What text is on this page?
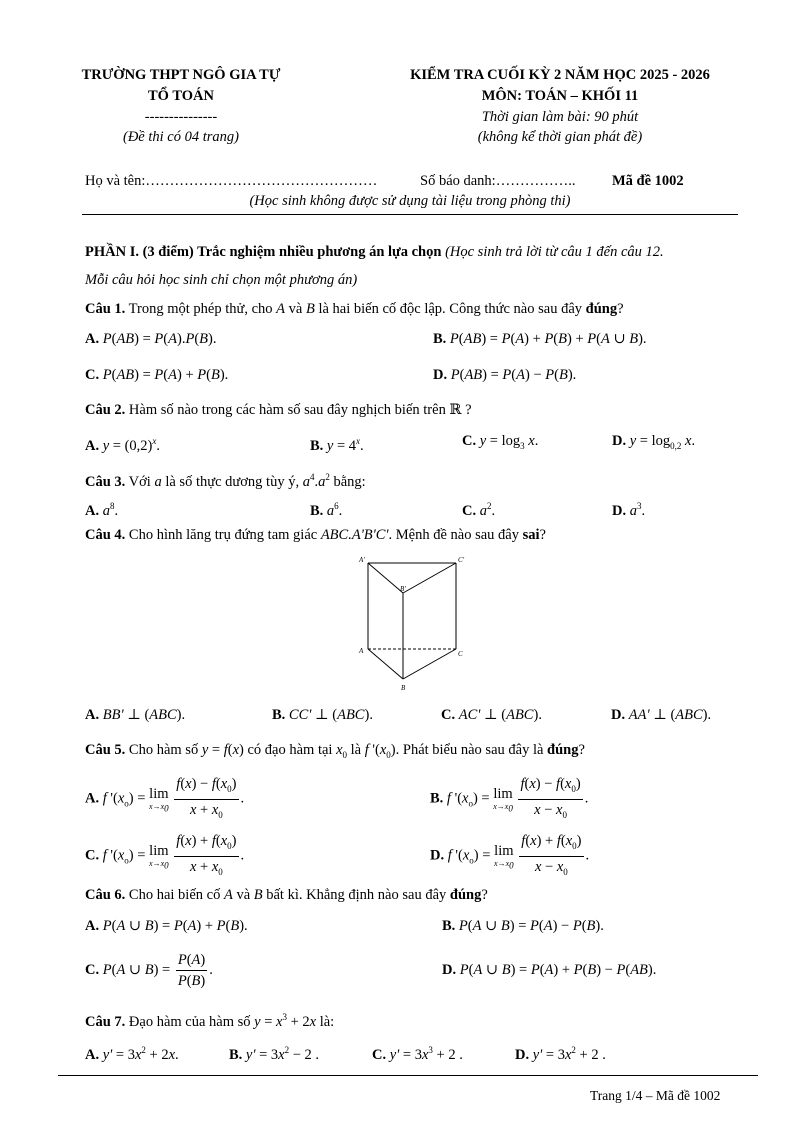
TRƯỜNG THPT NGÔ GIA TỰ
TỔ TOÁN
---------------
(Đề thi có 04 trang)
KIỂM TRA CUỐI KỲ 2 NĂM HỌC 2025 - 2026
MÔN: TOÁN – KHỐI 11
Thời gian làm bài: 90 phút
(không kể thời gian phát đề)
Họ và tên:…………………………………………	Số báo danh:……………..	Mã đề 1002
(Học sinh không được sử dụng tài liệu trong phòng thi)
PHẦN I. (3 điểm) Trắc nghiệm nhiều phương án lựa chọn (Học sinh trả lời từ câu 1 đến câu 12.
Mỗi câu hỏi học sinh chỉ chọn một phương án)
Câu 1. Trong một phép thử, cho A và B là hai biến cố độc lập. Công thức nào sau đây đúng?
A. P(AB) = P(A).P(B).	B. P(AB) = P(A) + P(B) + P(A ∪ B).
C. P(AB) = P(A) + P(B).	D. P(AB) = P(A) − P(B).
Câu 2. Hàm số nào trong các hàm số sau đây nghịch biến trên ℝ ?
A. $y = (0,2)^x$.	B. $y = 4^x$.	C. $y = \log_3 x$.	D. $y = \log_{0,2} x$.
Câu 3. Với a là số thực dương tùy ý, $a^4.a^2$ bằng:
A. $a^8$.	B. $a^6$.	C. $a^2$.	D. $a^3$.
Câu 4. Cho hình lăng trụ đứng tam giác ABC.A'B'C'. Mệnh đề nào sau đây sai?
A'	C'
B'
A	C
B
A. BB' ⊥ (ABC).	B. CC' ⊥ (ABC).	C. AC' ⊥ (ABC).	D. AA' ⊥ (ABC).
Câu 5. Cho hàm số y = f(x) có đạo hàm tại $x_0$ là f '$(x_0)$. Phát biểu nào sau đây là đúng?
A. f '$(x_o) = \lim$
$x\to x_0$
$\frac{f(x) - f(x_0)}{x + x_0}$ .	B. f '$(x_o) = \lim$
$x\to x_0$
$\frac{f(x) - f(x_0)}{x - x_0}$ .
C. f '$(x_o) = \lim$
$x\to x_0$
$\frac{f(x) + f(x_0)}{x + x_0}$ .	D. f '$(x_o) = \lim$
$x\to x_0$
$\frac{f(x) + f(x_0)}{x - x_0}$ .
Câu 6. Cho hai biến cố A và B bất kì. Khẳng định nào sau đây đúng?
A. P(A ∪ B) = P(A) + P(B).	B. P(A ∪ B) = P(A) − P(B).
C. P(A ∪ $B) = \frac{P(A)}{P(B)}$ .	D. P(A ∪ B) = P(A) + P(B) − P(AB).
Câu 7. Đạo hàm của hàm số $y = x^3 + 2x$ là:
A. $y' = 3x^2 + 2x$.	B. $y' = 3x^2 - 2$ .	C. $y' = 3x^3 + 2$ .	D. $y' = 3x^2 + 2$ .
Trang 1/4 – Mã đề 1002
